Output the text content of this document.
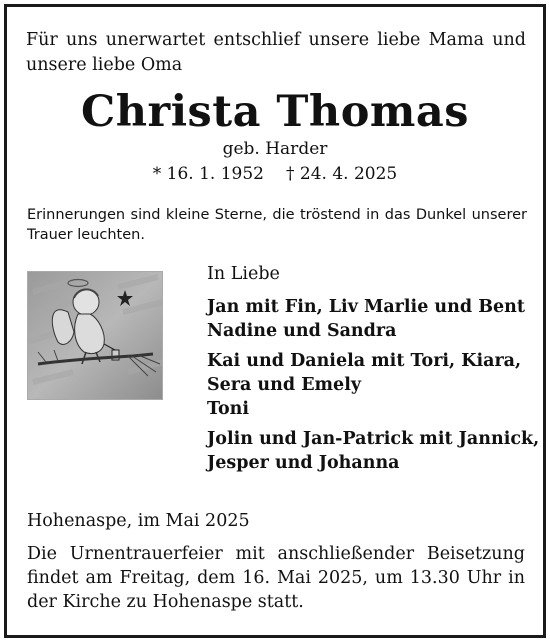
Für uns unerwartet entschlief unsere liebe Mama und unsere liebe Oma
Christa Thomas
geb. Harder
* 16. 1. 1952 † 24. 4. 2025
Erinnerungen sind kleine Sterne, die tröstend in das Dunkel unserer Trauer leuchten.
In Liebe
Jan mit Fin, Liv Marlie und Bent
Nadine und Sandra
Kai und Daniela mit Tori, Kiara,
Sera und Emely
Toni
Jolin und Jan-Patrick mit Jannick,
Jesper und Johanna
Hohenaspe, im Mai 2025
Die Urnentrauerfeier mit anschließender Beisetzung findet am Freitag, dem 16. Mai 2025, um 13.30 Uhr in der Kirche zu Hohenaspe statt.
